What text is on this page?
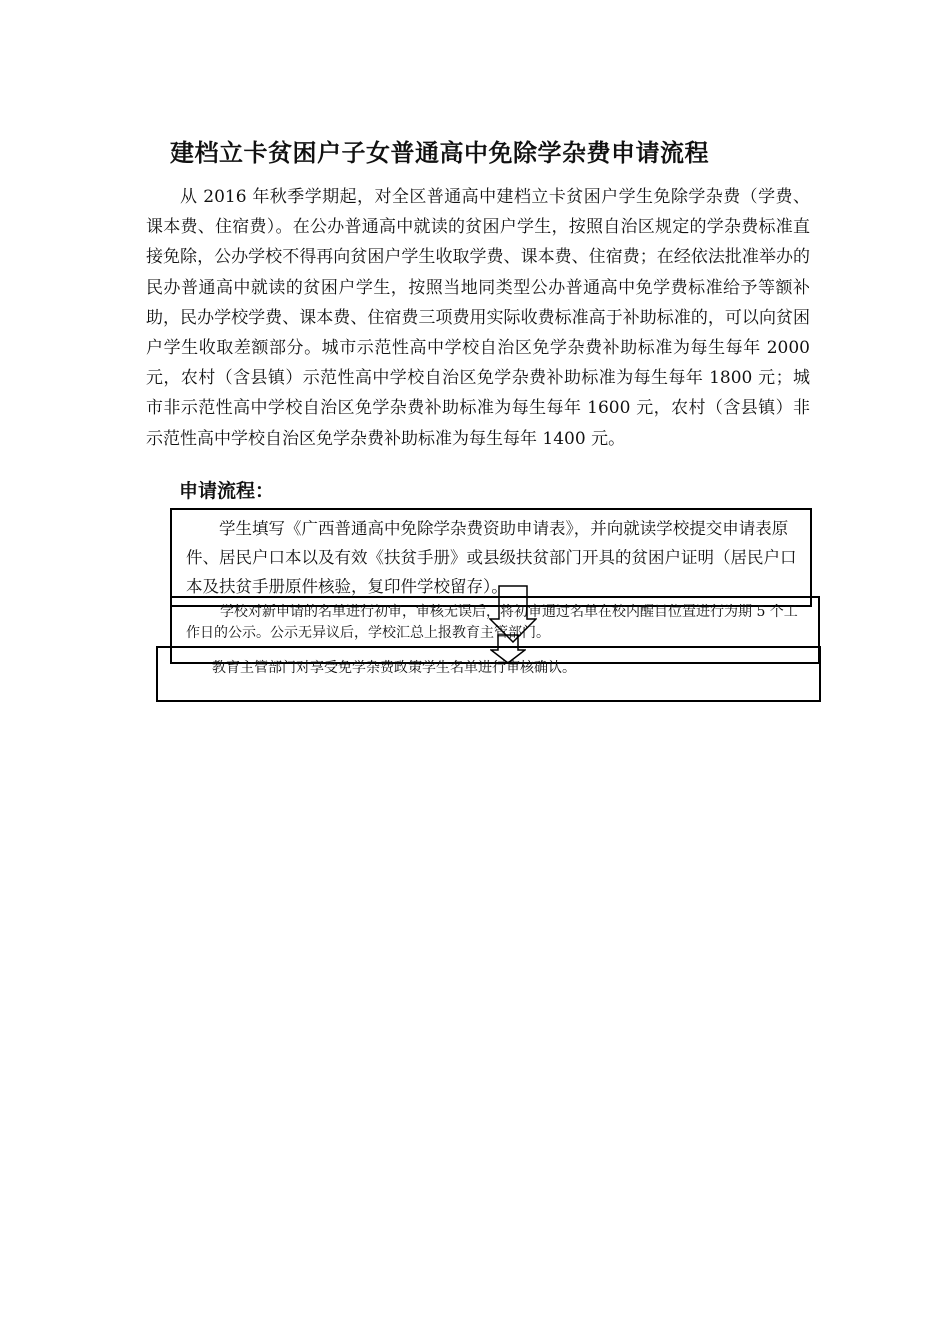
建档立卡贫困户子女普通高中免除学杂费申请流程
从 2016 年秋季学期起，对全区普通高中建档立卡贫困户学生免除学杂费（学费、课本费、住宿费）。在公办普通高中就读的贫困户学生，按照自治区规定的学杂费标准直接免除，公办学校不得再向贫困户学生收取学费、课本费、住宿费；在经依法批准举办的民办普通高中就读的贫困户学生，按照当地同类型公办普通高中免学费标准给予等额补助，民办学校学费、课本费、住宿费三项费用实际收费标准高于补助标准的，可以向贫困户学生收取差额部分。城市示范性高中学校自治区免学杂费补助标准为每生每年 2000 元，农村（含县镇）示范性高中学校自治区免学杂费补助标准为每生每年 1800 元；城市非示范性高中学校自治区免学杂费补助标准为每生每年 1600 元，农村（含县镇）非示范性高中学校自治区免学杂费补助标准为每生每年 1400 元。
申请流程：
学生填写《广西普通高中免除学杂费资助申请表》，并向就读学校提交申请表原件、居民户口本以及有效《扶贫手册》或县级扶贫部门开具的贫困户证明（居民户口本及扶贫手册原件核验，复印件学校留存）。
学校对新申请的名单进行初审，审核无误后，将初审通过名单在校内醒目位置进行为期 5 个工作日的公示。公示无异议后，学校汇总上报教育主管部门。
教育主管部门对享受免学杂费政策学生名单进行审核确认。
